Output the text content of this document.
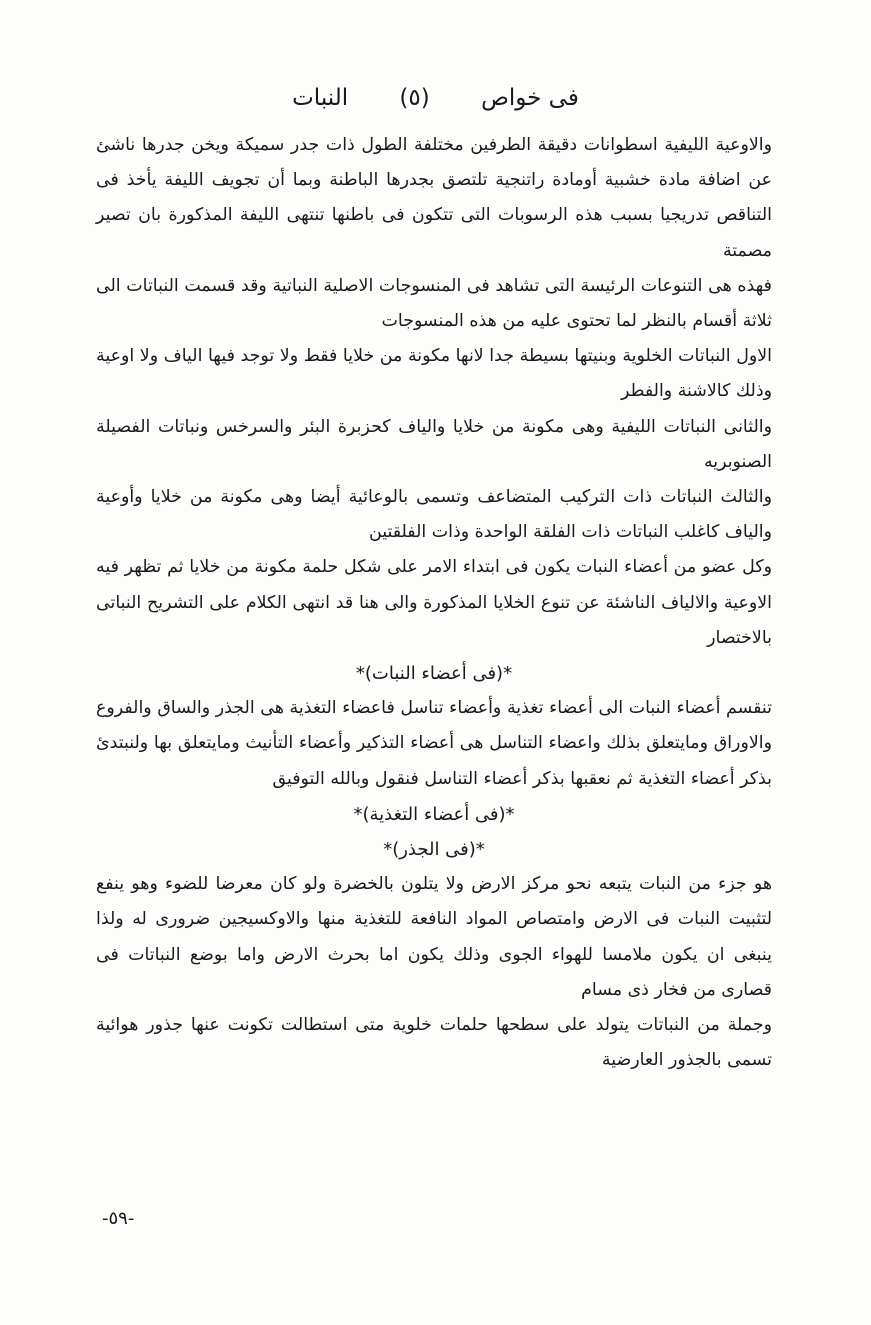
فى خواص (٥) النبات

والاوعية الليفية اسطوانات دقيقة الطرفين مختلفة الطول ذات جدر سميكة ويخن جدرها ناشئ عن اضافة مادة خشبية أومادة راتنجية تلتصق بجدرها الباطنة وبما أن تجويف الليفة يأخذ فى التناقص تدريجيا بسبب هذه الرسوبات التى تتكون فى باطنها تنتهى الليفة المذكورة بان تصير مصمتة

فهذه هى التنوعات الرئيسة التى تشاهد فى المنسوجات الاصلية النباتية وقد قسمت النباتات الى ثلاثة أقسام بالنظر لما تحتوى عليه من هذه المنسوجات

الاول النباتات الخلوية وبنيتها بسيطة جدا لانها مكونة من خلايا فقط ولا توجد فيها الياف ولا اوعية وذلك كالاشنة والفطر

والثانى النباتات الليفية وهى مكونة من خلايا والياف كحزبرة البئر والسرخس ونباتات الفصيلة الصنوبريه

والثالث النباتات ذات التركيب المتضاعف وتسمى بالوعائية أيضا وهى مكونة من خلايا وأوعية والياف كاغلب النباتات ذات الفلقة الواحدة وذات الفلقتين

وكل عضو من أعضاء النبات يكون فى ابتداء الامر على شكل حلمة مكونة من خلايا ثم تظهر فيه الاوعية والالياف الناشئة عن تنوع الخلايا المذكورة والى هنا قد انتهى الكلام على التشريح النباتى بالاختصار

*(فى أعضاء النبات)*

تنقسم أعضاء النبات الى أعضاء تغذية وأعضاء تناسل فاعضاء التغذية هى الجذر والساق والفروع والاوراق ومايتعلق بذلك واعضاء التناسل هى أعضاء التذكير وأعضاء التأنيث ومايتعلق بها ولنبتدئ بذكر أعضاء التغذية ثم نعقبها بذكر أعضاء التناسل فنقول وبالله التوفيق

*(فى أعضاء التغذية)*
*(فى الجذر)*

هو جزء من النبات يتبعه نحو مركز الارض ولا يتلون بالخضرة ولو كان معرضا للضوء وهو ينفع لتثبيت النبات فى الارض وامتصاص المواد النافعة للتغذية منها والاوكسيجين ضرورى له ولذا ينبغى ان يكون ملامسا للهواء الجوى وذلك يكون اما بحرث الارض واما بوضع النباتات فى قصارى من فخار ذى مسام

وجملة من النباتات يتولد على سطحها حلمات خلوية متى استطالت تكونت عنها جذور هوائية تسمى بالجذور العارضية

-٥٩-
